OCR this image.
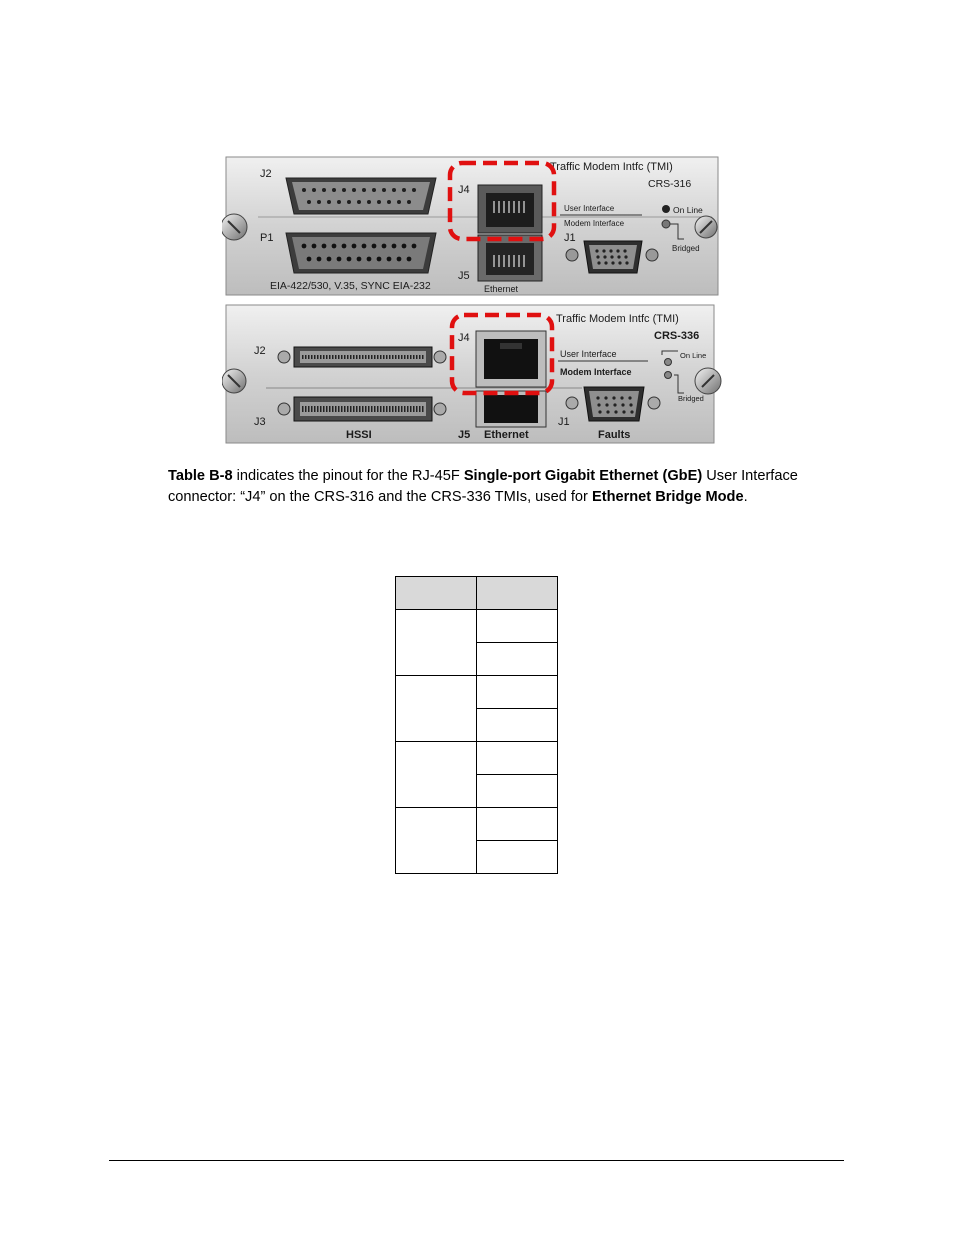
J2
P1
J4
J5
J1
Traffic Modem Intfc (TMI)
CRS-316
User Interface
Modem Interface
On Line
Bridged
EIA-422/530, V.35, SYNC EIA-232	Ethernet
J2
J3
HSSI
J4
J5 Ethernet
J1
Faults
Traffic Modem Intfc (TMI)
CRS-336
User Interface
Modem Interface
On Line
Bridged

Table B-8 indicates the pinout for the RJ-45F Single-port Gigabit Ethernet (GbE) User Interface connector: “J4” on the CRS-316 and the CRS-336 TMIs, used for Ethernet Bridge Mode.
